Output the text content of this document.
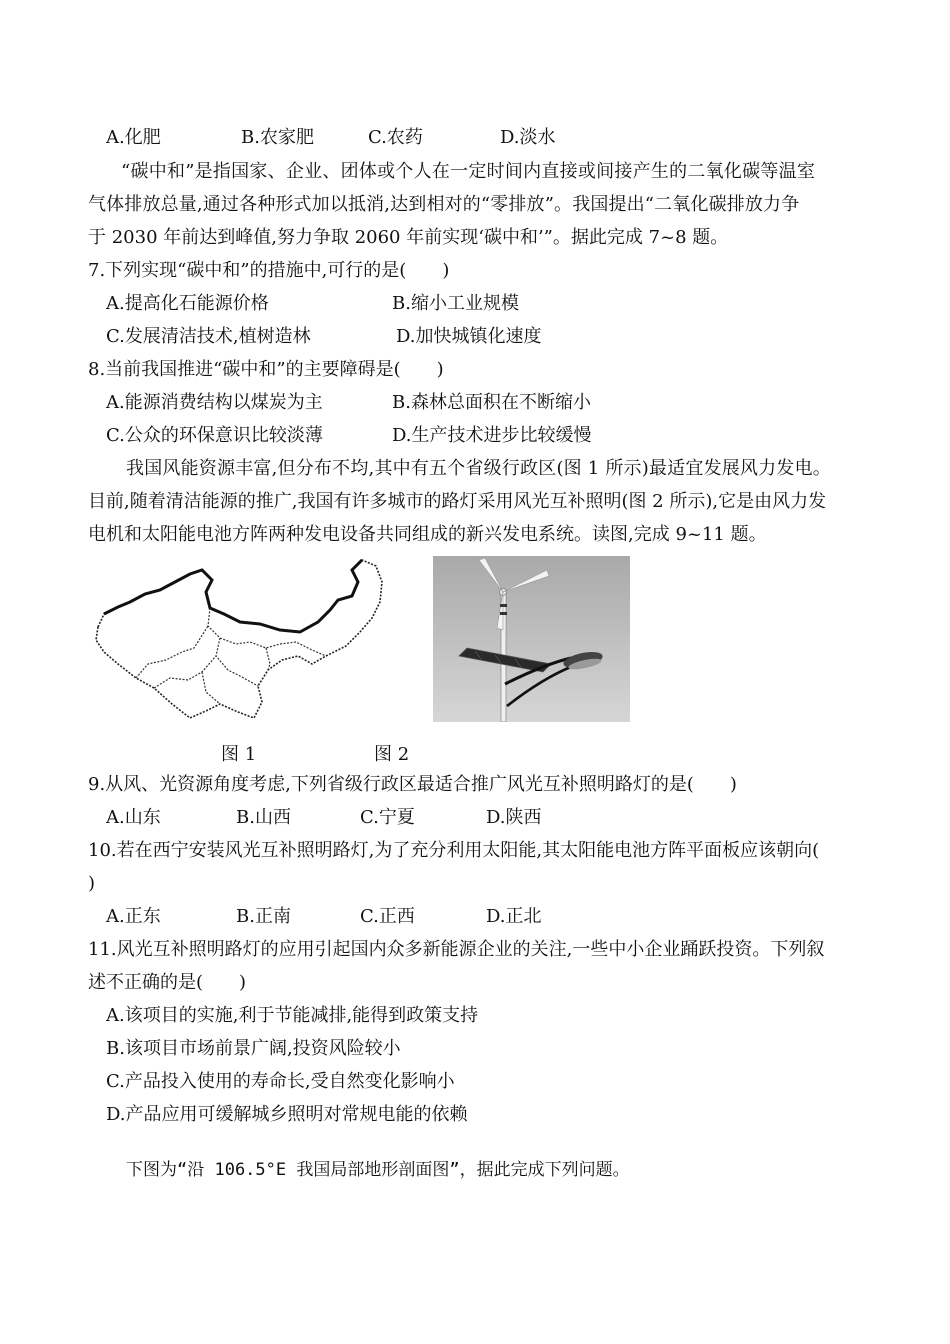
A.化肥	B.农家肥	C.农药	D.淡水
“碳中和”是指国家、企业、团体或个人在一定时间内直接或间接产生的二氧化碳等温室
气体排放总量,通过各种形式加以抵消,达到相对的“零排放”。我国提出“二氧化碳排放力争
于 2030 年前达到峰值,努力争取 2060 年前实现‘碳中和’”。据此完成 7~8 题。
7.下列实现“碳中和”的措施中,可行的是(　　)
A.提高化石能源价格	B.缩小工业规模
C.发展清洁技术,植树造林	D.加快城镇化速度
8.当前我国推进“碳中和”的主要障碍是(　　)
A.能源消费结构以煤炭为主	B.森林总面积在不断缩小
C.公众的环保意识比较淡薄	D.生产技术进步比较缓慢
我国风能资源丰富,但分布不均,其中有五个省级行政区(图 1 所示)最适宜发展风力发电。
目前,随着清洁能源的推广,我国有许多城市的路灯采用风光互补照明(图 2 所示),它是由风力发
电机和太阳能电池方阵两种发电设备共同组成的新兴发电系统。读图,完成 9~11 题。
图 1	图 2
9.从风、光资源角度考虑,下列省级行政区最适合推广风光互补照明路灯的是(　　)
A.山东	B.山西	C.宁夏	D.陕西
10.若在西宁安装风光互补照明路灯,为了充分利用太阳能,其太阳能电池方阵平面板应该朝向(
)
A.正东	B.正南	C.正西	D.正北
11.风光互补照明路灯的应用引起国内众多新能源企业的关注,一些中小企业踊跃投资。下列叙
述不正确的是(　　)
A.该项目的实施,利于节能减排,能得到政策支持
B.该项目市场前景广阔,投资风险较小
C.产品投入使用的寿命长,受自然变化影响小
D.产品应用可缓解城乡照明对常规电能的依赖
下图为“沿 106.5°E 我国局部地形剖面图”，据此完成下列问题。
